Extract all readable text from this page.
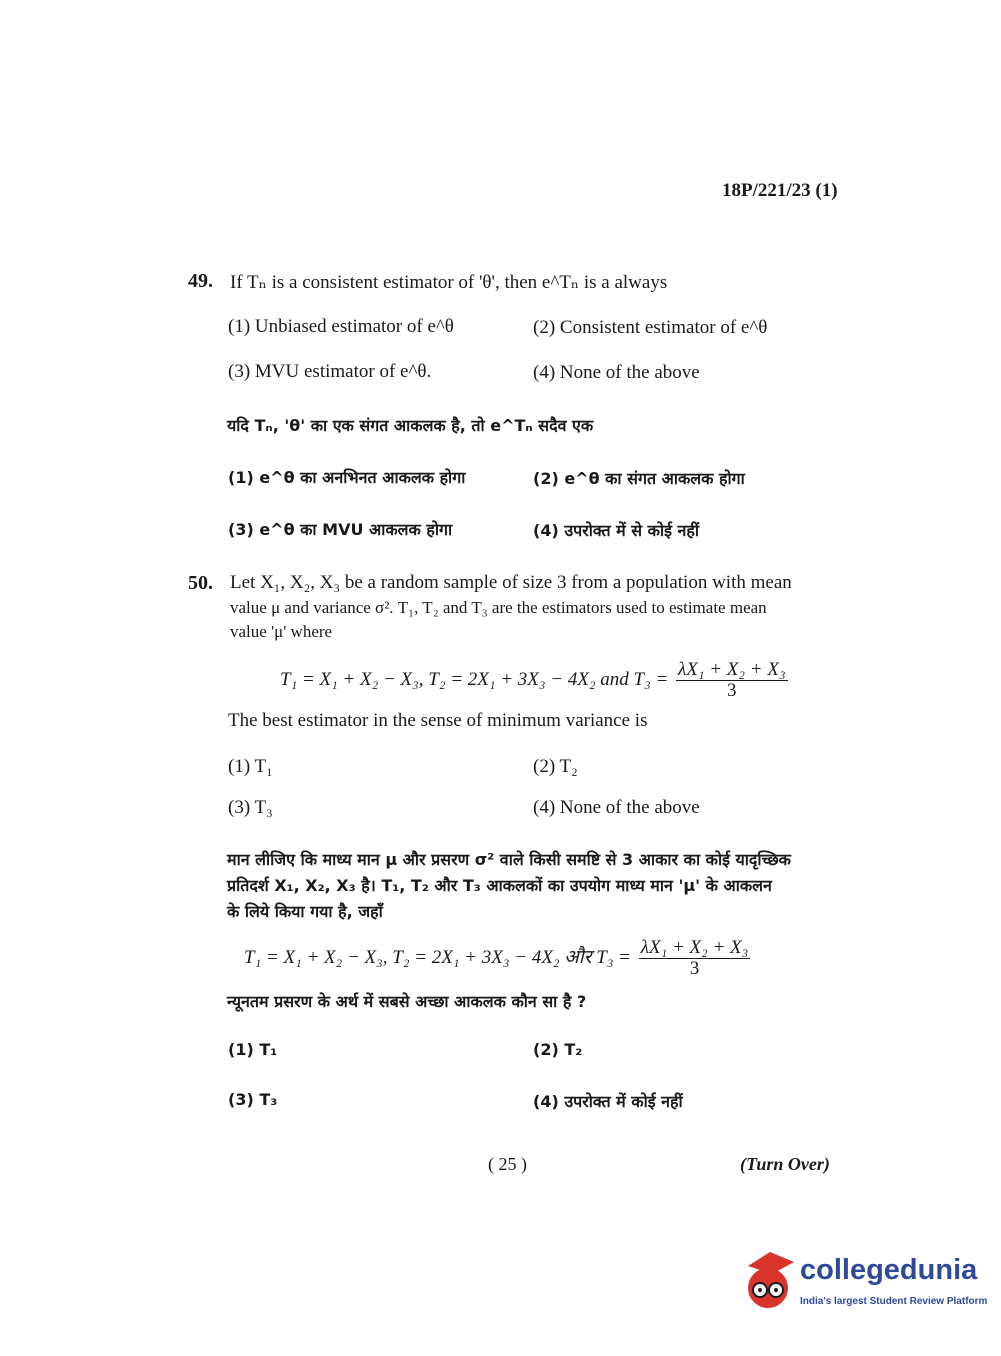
18P/221/23 (1)
49. If Tₙ is a consistent estimator of 'θ', then e^Tₙ is a always
(1) Unbiased estimator of e^θ	(2) Consistent estimator of e^θ
(3) MVU estimator of e^θ.	(4) None of the above
यदि Tₙ, 'θ' का एक संगत आकलक है, तो e^Tₙ सदैव एक
(1) e^θ का अनभिनत आकलक होगा	(2) e^θ का संगत आकलक होगा
(3) e^θ का MVU आकलक होगा	(4) उपरोक्त में से कोई नहीं
50. Let X₁, X₂, X₃ be a random sample of size 3 from a population with mean
value μ and variance σ². T₁, T₂ and T₃ are the estimators used to estimate mean
value 'μ' where
T₁ = X₁ + X₂ − X₃, T₂ = 2X₁ + 3X₃ − 4X₂ and $T_3 = \frac{\text{λX₁ + X₂ + X₃}}{3}$
The best estimator in the sense of minimum variance is
(1) T₁	(2) T₂
(3) T₃	(4) None of the above
मान लीजिए कि माध्य मान μ और प्रसरण σ² वाले किसी समष्टि से 3 आकार का कोई यादृच्छिक
प्रतिदर्श X₁, X₂, X₃ है। T₁, T₂ और T₃ आकलकों का उपयोग माध्य मान 'μ' के आकलन
के लिये किया गया है, जहाँ
T₁ = X₁ + X₂ − X₃, T₂ = 2X₁ + 3X₃ − 4X₂ और $T_3 = \frac{\text{λX₁ + X₂ + X₃}}{3}$
न्यूनतम प्रसरण के अर्थ में सबसे अच्छा आकलक कौन सा है ?
(1) T₁	(2) T₂
(3) T₃	(4) उपरोक्त में कोई नहीं
( 25 )	(Turn Over)
collegedunia
India's largest Student Review Platform
